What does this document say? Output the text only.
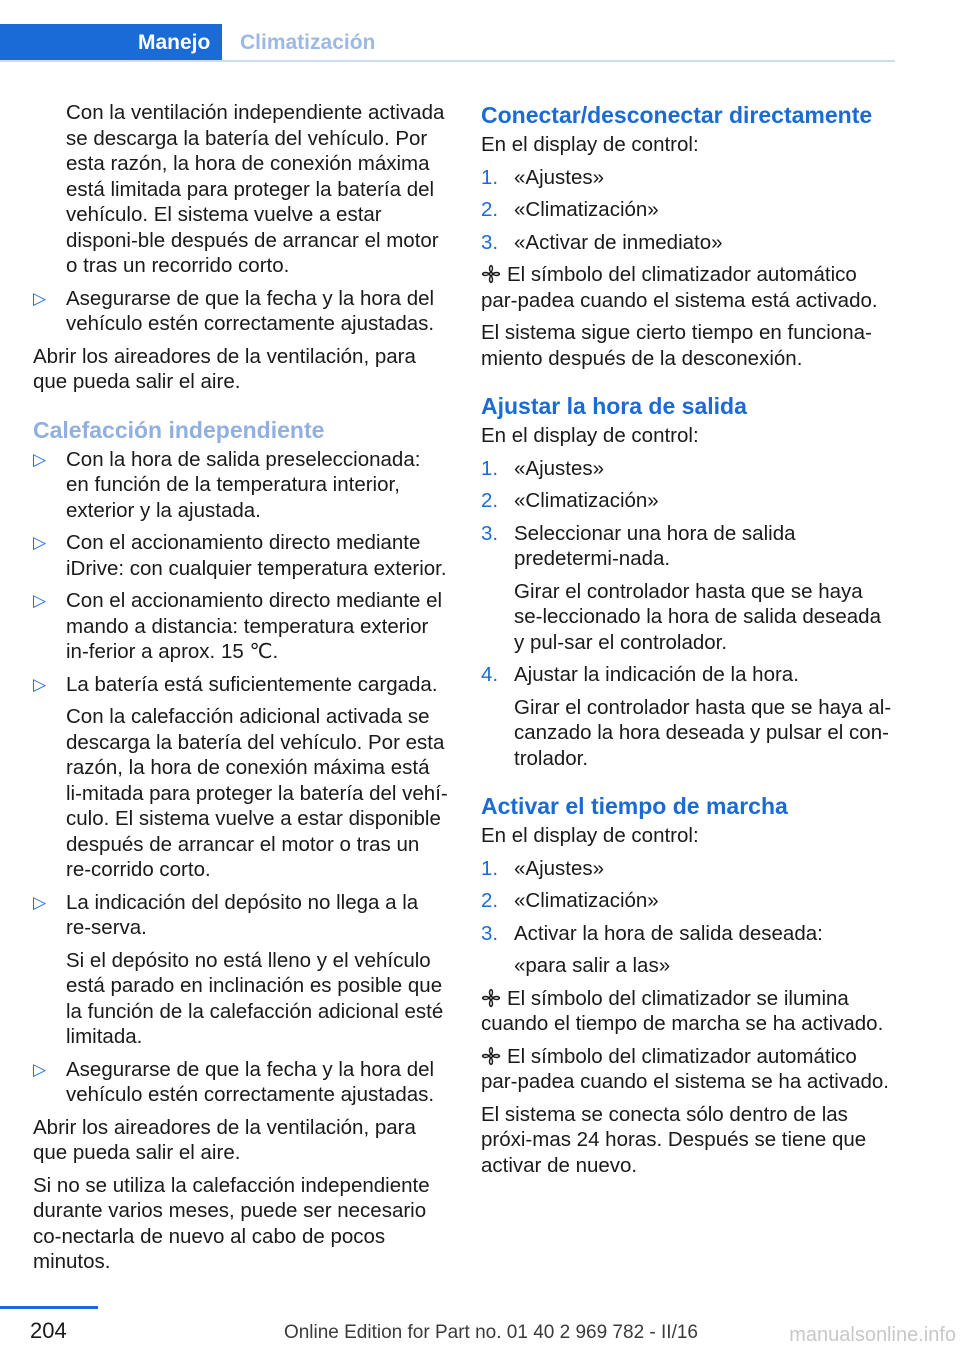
Manejo	Climatización

Con la ventilación independiente activada se descarga la batería del vehículo. Por esta razón, la hora de conexión máxima está limitada para proteger la batería del vehículo. El sistema vuelve a estar disponi-ble después de arrancar el motor o tras un recorrido corto.

▷ Asegurarse de que la fecha y la hora del vehículo estén correctamente ajustadas.

Abrir los aireadores de la ventilación, para que pueda salir el aire.

Calefacción independiente
▷ Con la hora de salida preseleccionada: en función de la temperatura interior, exterior y la ajustada.

▷ Con el accionamiento directo mediante iDrive: con cualquier temperatura exterior.

▷ Con el accionamiento directo mediante el mando a distancia: temperatura exterior in-ferior a aprox. 15 ℃.

▷ La batería está suficientemente cargada.

Con la calefacción adicional activada se descarga la batería del vehículo. Por esta razón, la hora de conexión máxima está li-mitada para proteger la batería del vehí-culo. El sistema vuelve a estar disponible después de arrancar el motor o tras un re-corrido corto.

▷ La indicación del depósito no llega a la re-serva.

Si el depósito no está lleno y el vehículo está parado en inclinación es posible que la función de la calefacción adicional esté limitada.

▷ Asegurarse de que la fecha y la hora del vehículo estén correctamente ajustadas.

Abrir los aireadores de la ventilación, para que pueda salir el aire.

Si no se utiliza la calefacción independiente durante varios meses, puede ser necesario co-nectarla de nuevo al cabo de pocos minutos.

Conectar/desconectar directamente

En el display de control:

1. «Ajustes»

2. «Climatización»

3. «Activar de inmediato»

El símbolo del climatizador automático par-padea cuando el sistema está activado.

El sistema sigue cierto tiempo en funciona-miento después de la desconexión.

Ajustar la hora de salida

En el display de control:

1. «Ajustes»

2. «Climatización»

3. Seleccionar una hora de salida predetermi-nada.

Girar el controlador hasta que se haya se-leccionado la hora de salida deseada y pul-sar el controlador.

4. Ajustar la indicación de la hora.

Girar el controlador hasta que se haya al-canzado la hora deseada y pulsar el con-trolador.

Activar el tiempo de marcha

En el display de control:

1. «Ajustes»

2. «Climatización»

3. Activar la hora de salida deseada:

«para salir a las»

El símbolo del climatizador se ilumina cuando el tiempo de marcha se ha activado.

El símbolo del climatizador automático par-padea cuando el sistema se ha activado.

El sistema se conecta sólo dentro de las próxi-mas 24 horas. Después se tiene que activar de nuevo.

204	Online Edition for Part no. 01 40 2 969 782 - II/16	manualsonline.info
